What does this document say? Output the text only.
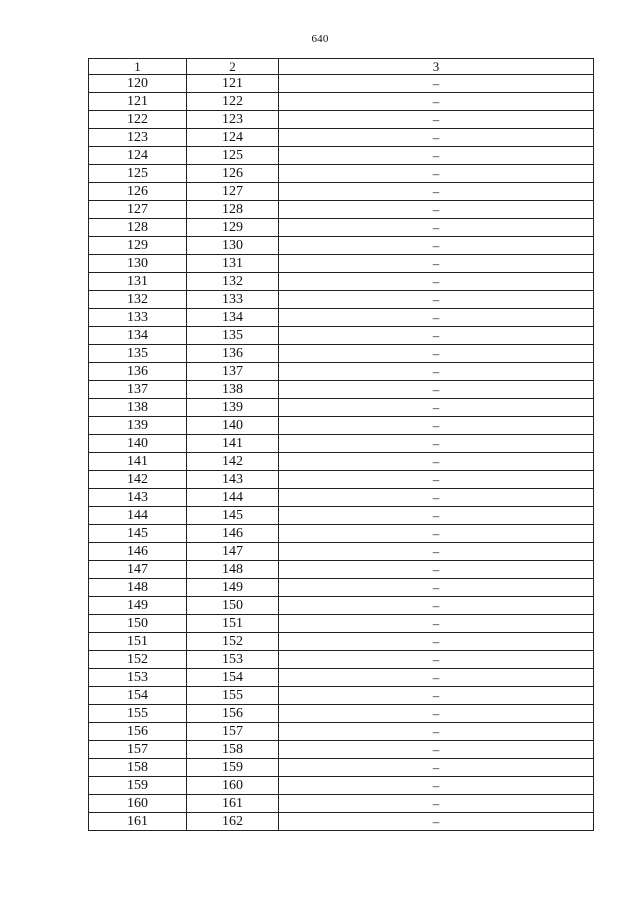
640
1	2	3
120	121	–
121	122	–
122	123	–
123	124	–
124	125	–
125	126	–
126	127	–
127	128	–
128	129	–
129	130	–
130	131	–
131	132	–
132	133	–
133	134	–
134	135	–
135	136	–
136	137	–
137	138	–
138	139	–
139	140	–
140	141	–
141	142	–
142	143	–
143	144	–
144	145	–
145	146	–
146	147	–
147	148	–
148	149	–
149	150	–
150	151	–
151	152	–
152	153	–
153	154	–
154	155	–
155	156	–
156	157	–
157	158	–
158	159	–
159	160	–
160	161	–
161	162	–
